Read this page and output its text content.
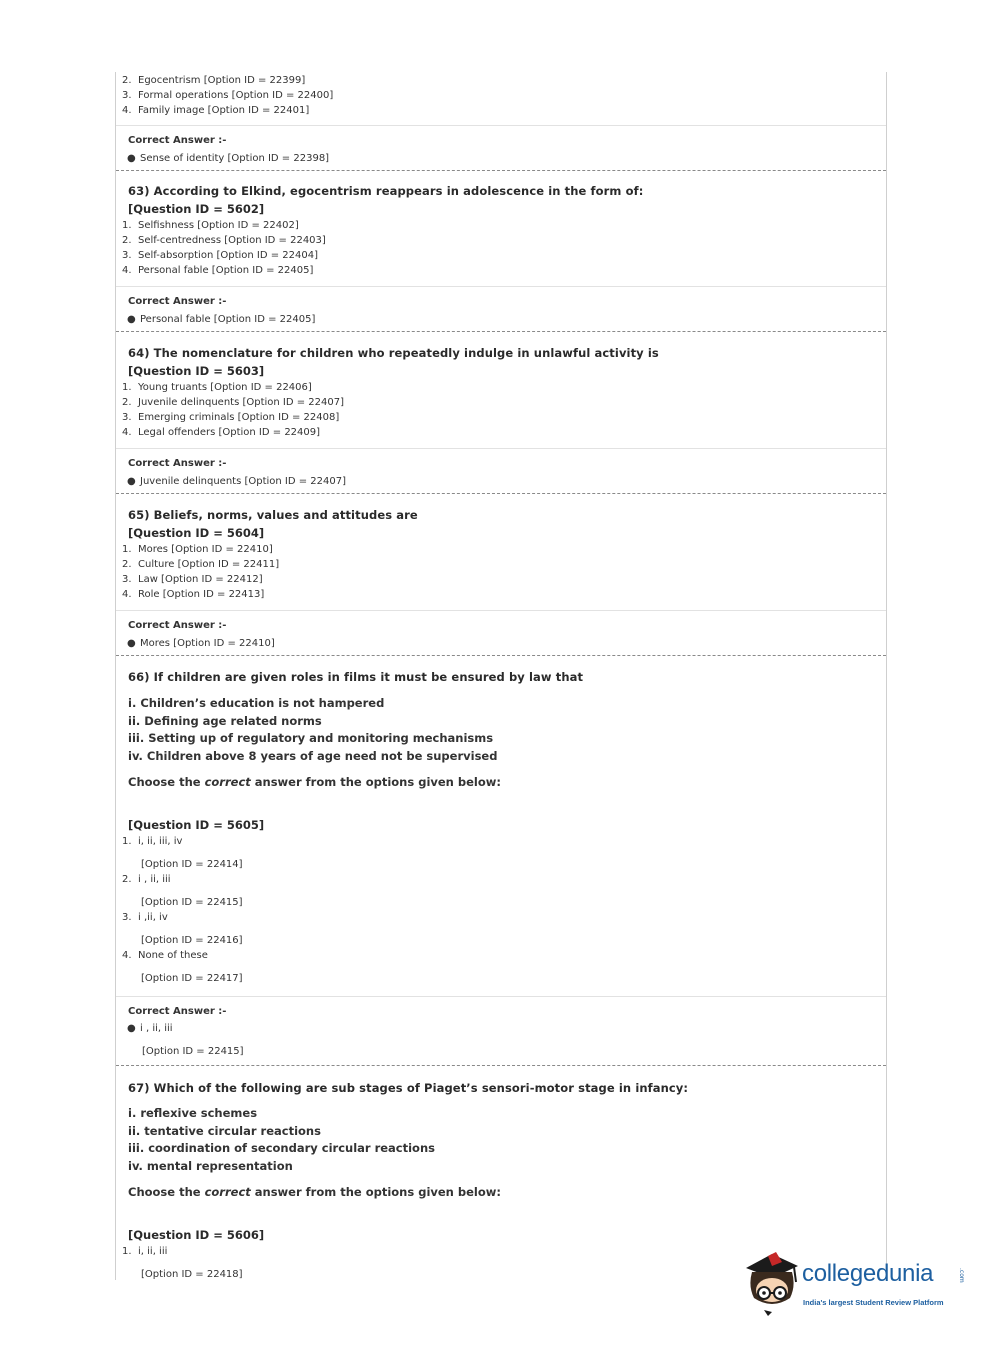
2. Egocentrism [Option ID = 22399]
3. Formal operations [Option ID = 22400]
4. Family image [Option ID = 22401]
Correct Answer :-
● Sense of identity [Option ID = 22398]
63) According to Elkind, egocentrism reappears in adolescence in the form of:
[Question ID = 5602]
1. Selfishness [Option ID = 22402]
2. Self-centredness [Option ID = 22403]
3. Self-absorption [Option ID = 22404]
4. Personal fable [Option ID = 22405]
Correct Answer :-
● Personal fable [Option ID = 22405]
64) The nomenclature for children who repeatedly indulge in unlawful activity is
[Question ID = 5603]
1. Young truants [Option ID = 22406]
2. Juvenile delinquents [Option ID = 22407]
3. Emerging criminals [Option ID = 22408]
4. Legal offenders [Option ID = 22409]
Correct Answer :-
● Juvenile delinquents [Option ID = 22407]
65) Beliefs, norms, values and attitudes are
[Question ID = 5604]
1. Mores [Option ID = 22410]
2. Culture [Option ID = 22411]
3. Law [Option ID = 22412]
4. Role [Option ID = 22413]
Correct Answer :-
● Mores [Option ID = 22410]
66) If children are given roles in films it must be ensured by law that
i. Children’s education is not hampered
ii. Defining age related norms
iii. Setting up of regulatory and monitoring mechanisms
iv. Children above 8 years of age need not be supervised
Choose the correct answer from the options given below:
[Question ID = 5605]
1. i, ii, iii, iv
[Option ID = 22414]
2. i , ii, iii
[Option ID = 22415]
3. i ,ii, iv
[Option ID = 22416]
4. None of these
[Option ID = 22417]
Correct Answer :-
● i , ii, iii
[Option ID = 22415]
67) Which of the following are sub stages of Piaget’s sensori-motor stage in infancy:
i. reflexive schemes
ii. tentative circular reactions
iii. coordination of secondary circular reactions
iv. mental representation
Choose the correct answer from the options given below:
[Question ID = 5606]
1. i, ii, iii
[Option ID = 22418]	collegedunia	.com
India's largest Student Review Platform
